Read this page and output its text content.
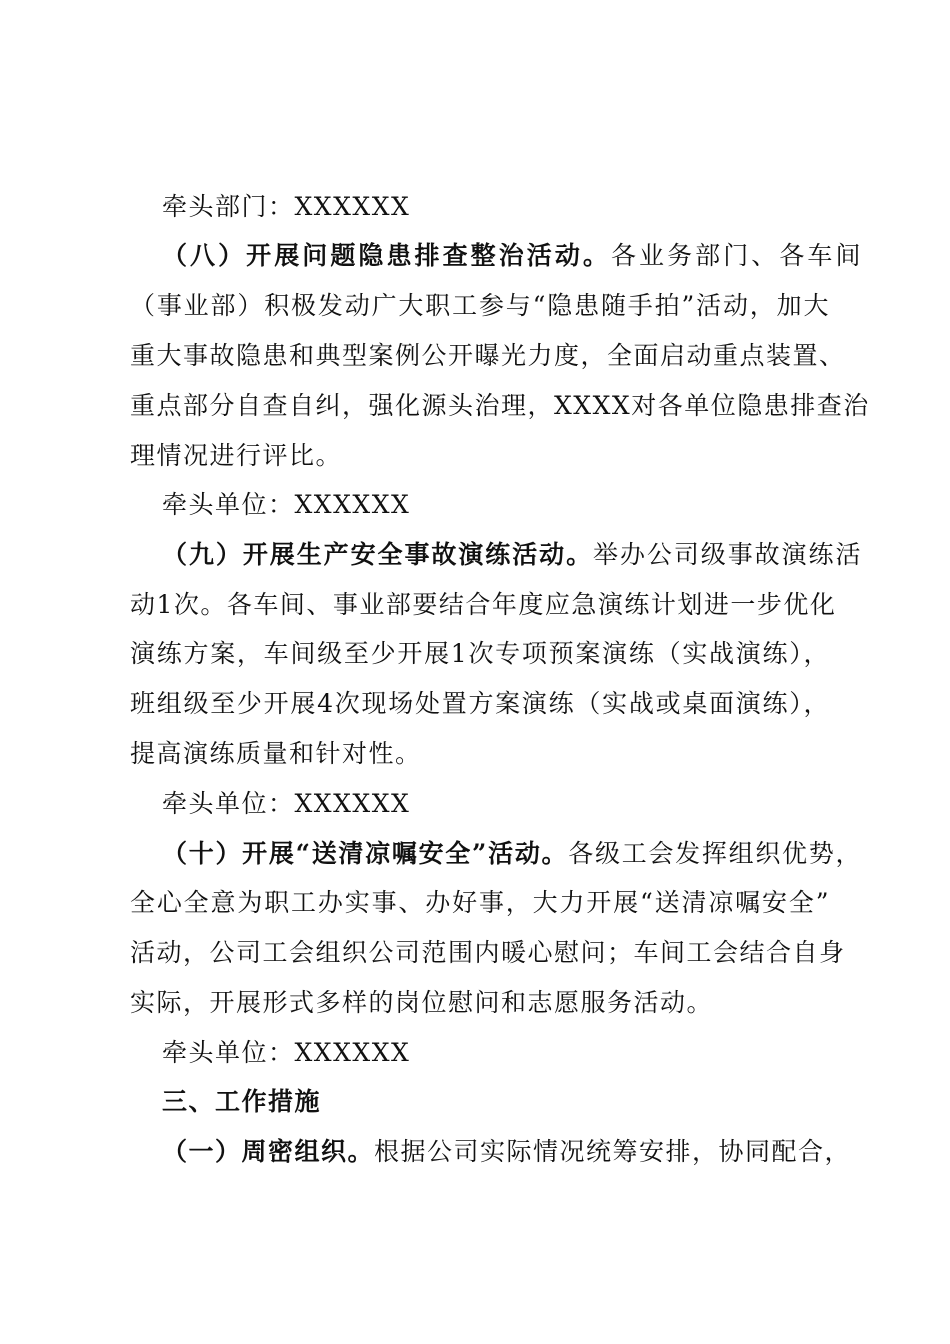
牵头部门：XXXXXX
（八）开展问题隐患排查整治活动。各业务部门、各车间
（事业部）积极发动广大职工参与“隐患随手拍”活动，加大
重大事故隐患和典型案例公开曝光力度，全面启动重点装置、
重点部分自查自纠，强化源头治理，XXXX对各单位隐患排查治
理情况进行评比。
牵头单位：XXXXXX
（九）开展生产安全事故演练活动。举办公司级事故演练活
动1次。各车间、事业部要结合年度应急演练计划进一步优化
演练方案，车间级至少开展1次专项预案演练（实战演练），
班组级至少开展4次现场处置方案演练（实战或桌面演练），
提高演练质量和针对性。
牵头单位：XXXXXX
（十）开展“送清凉嘱安全”活动。各级工会发挥组织优势，
全心全意为职工办实事、办好事，大力开展“送清凉嘱安全”
活动，公司工会组织公司范围内暖心慰问；车间工会结合自身
实际，开展形式多样的岗位慰问和志愿服务活动。
牵头单位：XXXXXX
三、工作措施
（一）周密组织。根据公司实际情况统筹安排，协同配合，
